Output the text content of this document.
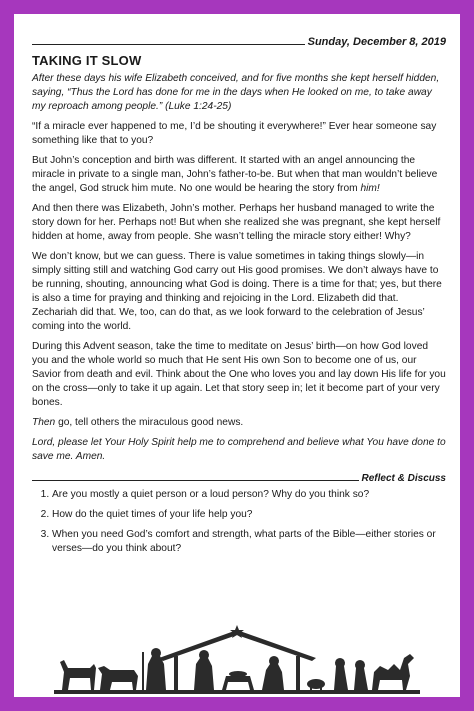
Sunday, December 8, 2019
TAKING IT SLOW
After these days his wife Elizabeth conceived, and for five months she kept herself hidden, saying, “Thus the Lord has done for me in the days when He looked on me, to take away my reproach among people.” (Luke 1:24-25)

“If a miracle ever happened to me, I’d be shouting it everywhere!” Ever hear someone say something like that to you?

But John’s conception and birth was different. It started with an angel announcing the miracle in private to a single man, John’s father-to-be. But when that man wouldn’t believe the angel, God struck him mute. No one would be hearing the story from him!

And then there was Elizabeth, John’s mother. Perhaps her husband managed to write the story down for her. Perhaps not! But when she realized she was pregnant, she kept herself hidden at home, away from people. She wasn’t telling the miracle story either! Why?

We don’t know, but we can guess. There is value sometimes in taking things slowly—in simply sitting still and watching God carry out His good promises. We don’t always have to be running, shouting, announcing what God is doing. There is a time for that; yes, but there is also a time for praying and thinking and rejoicing in the Lord. Elizabeth did that. Zechariah did that. We, too, can do that, as we look forward to the celebration of Jesus’ coming into the world.

During this Advent season, take the time to meditate on Jesus’ birth—on how God loved you and the whole world so much that He sent His own Son to become one of us, our Savior from death and evil. Think about the One who loves you and lay down His life for you on the cross—only to take it up again. Let that story seep in; let it become part of your very bones.

Then go, tell others the miraculous good news.

Lord, please let Your Holy Spirit help me to comprehend and believe what You have done to save me. Amen.

Reflect & Discuss
1. Are you mostly a quiet person or a loud person? Why do you think so?
2. How do the quiet times of your life help you?
3. When you need God’s comfort and strength, what parts of the Bible—either stories or verses—do you think about?
